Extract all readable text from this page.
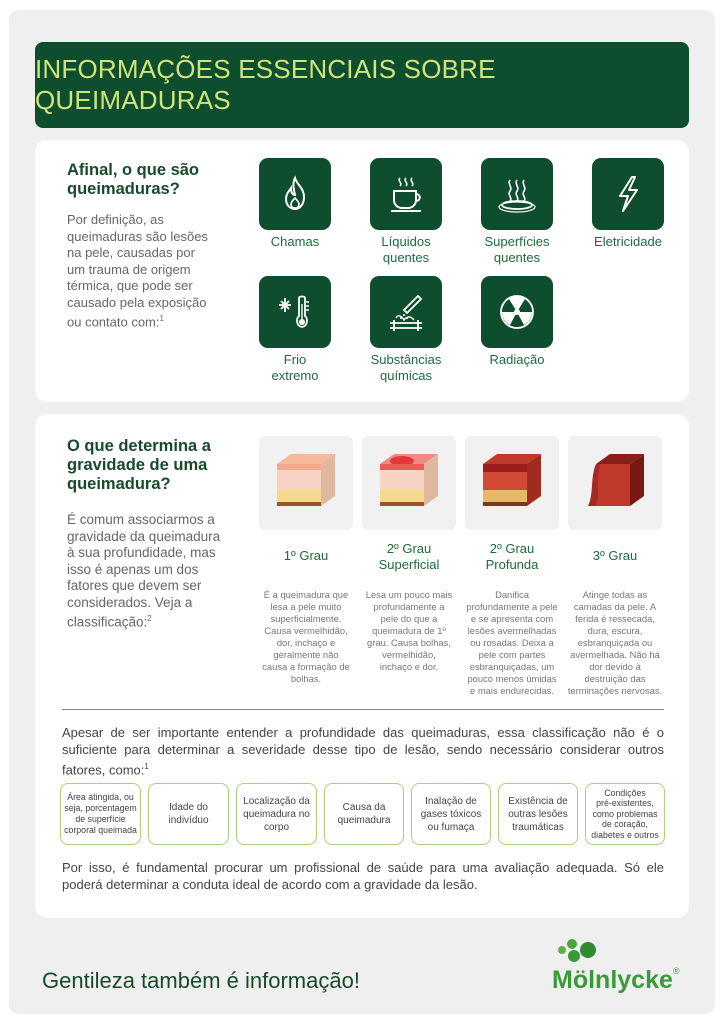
INFORMAÇÕES ESSENCIAIS SOBRE QUEIMADURAS
Afinal, o que são
queimaduras?
Por definição, as
queimaduras são lesões
na pele, causadas por
um trauma de origem
térmica, que pode ser
causado pela exposição
ou contato com:$^1$
Chamas	Líquidos
quentes
Superfícies
quentes
Eletricidade
Frio
extremo
Substâncias
químicas
Radiação
O que determina a
gravidade de uma
queimadura?
É comum associarmos a
gravidade da queimadura
à sua profundidade, mas
isso é apenas um dos
fatores que devem ser
considerados. Veja a
classificação:$^2$
1º Grau	2º Grau
Superficial
2º Grau
Profunda
3º Grau
É a queimadura que
lesa a pele muito
superficialmente.
Causa vermelhidão,
dor, inchaço e
geralmente não
causa a formação de
bolhas.
Lesa um pouco mais
profundamente a
pele do que a
queimadura de 1º
grau. Causa bolhas,
vermelhidão,
inchaço e dor.
Danifica
profundamente a pele
e se apresenta com
lesões avermelhadas
ou rosadas. Deixa a
pele com partes
esbranquiçadas, um
pouco menos úmidas
e mais endurecidas.
Atinge todas as
camadas da pele. A
ferida é ressecada,
dura, escura,
esbranquiçada ou
avermelhada. Não há
dor devido à
destruição das
terminações nervosas.
Apesar de ser importante entender a profundidade das queimaduras, essa classificação não é o suficiente para determinar a severidade desse tipo de lesão, sendo necessário considerar outros fatores, como:$^1$
Área atingida, ou
seja, porcentagem
de superfície
corporal queimada
Idade do
indivíduo
Localização da
queimadura no
corpo
Causa da
queimadura
Inalação de
gases tóxicos
ou fumaça
Existência de
outras lesões
traumáticas
Condições
pré-existentes,
como problemas
de coração,
diabetes e outros
Por isso, é fundamental procurar um profissional de saúde para uma avaliação adequada. Só ele poderá determinar a conduta ideal de acordo com a gravidade da lesão.
Gentileza também é informação!	Mölnlycke®
